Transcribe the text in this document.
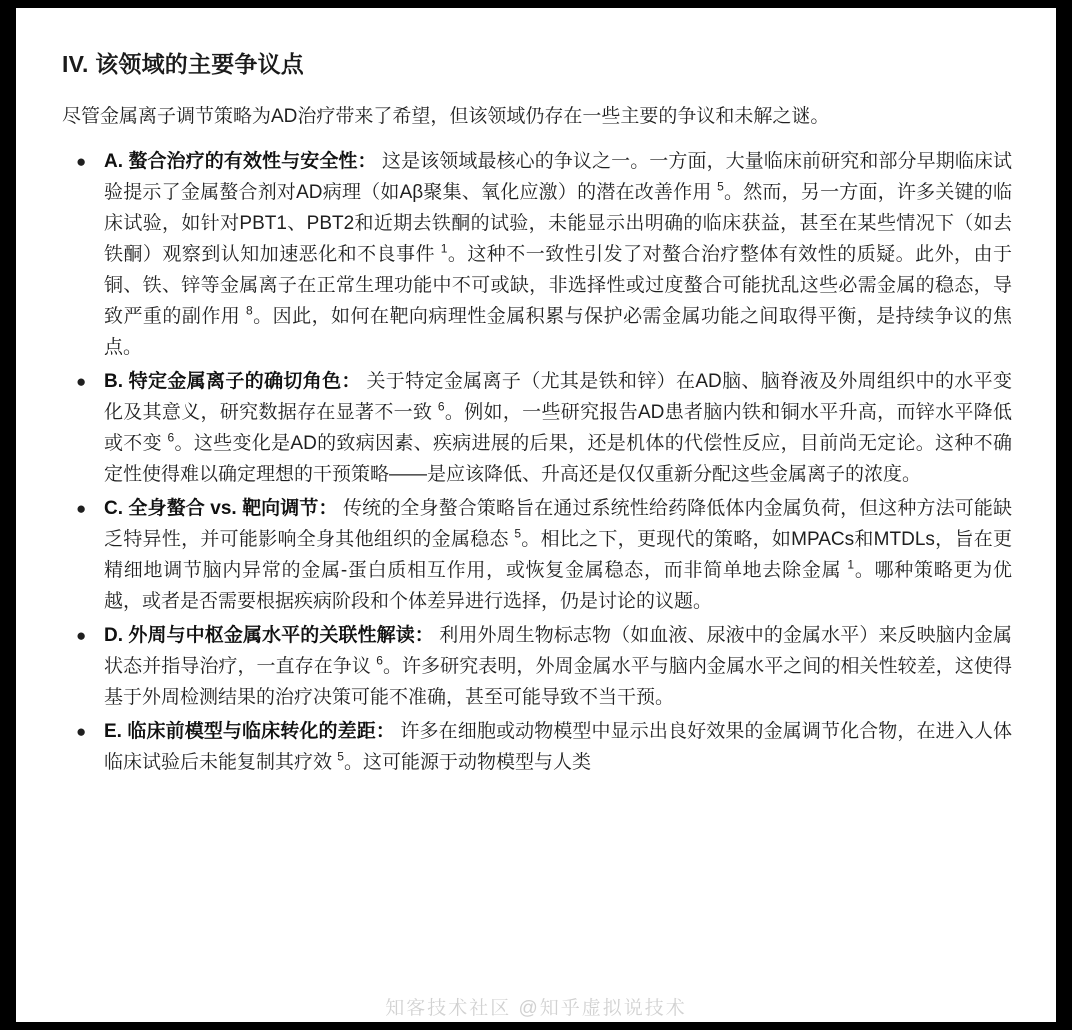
IV. 该领域的主要争议点

尽管金属离子调节策略为AD治疗带来了希望，但该领域仍存在一些主要的争议和未解之谜。

● A. 螯合治疗的有效性与安全性： 这是该领域最核心的争议之一。一方面，大量临床前研究和部分早期临床试验提示了金属螯合剂对AD病理（如Aβ聚集、氧化应激）的潜在改善作用 $^5$。然而，另一方面，许多关键的临床试验，如针对PBT1、PBT2和近期去铁酮的试验，未能显示出明确的临床获益，甚至在某些情况下（如去铁酮）观察到认知加速恶化和不良事件 $^1$。这种不一致性引发了对螯合治疗整体有效性的质疑。此外，由于铜、铁、锌等金属离子在正常生理功能中不可或缺，非选择性或过度螯合可能扰乱这些必需金属的稳态，导致严重的副作用 $^8$。因此，如何在靶向病理性金属积累与保护必需金属功能之间取得平衡，是持续争议的焦点。
● B. 特定金属离子的确切角色： 关于特定金属离子（尤其是铁和锌）在AD脑、脑脊液及外周组织中的水平变化及其意义，研究数据存在显著不一致 $^6$。例如，一些研究报告AD患者脑内铁和铜水平升高，而锌水平降低或不变 $^6$。这些变化是AD的致病因素、疾病进展的后果，还是机体的代偿性反应，目前尚无定论。这种不确定性使得难以确定理想的干预策略——是应该降低、升高还是仅仅重新分配这些金属离子的浓度。
● C. 全身螯合 vs. 靶向调节： 传统的全身螯合策略旨在通过系统性给药降低体内金属负荷，但这种方法可能缺乏特异性，并可能影响全身其他组织的金属稳态 $^5$。相比之下，更现代的策略，如MPACs和MTDLs，旨在更精细地调节脑内异常的金属-蛋白质相互作用，或恢复金属稳态，而非简单地去除金属 $^1$。哪种策略更为优越，或者是否需要根据疾病阶段和个体差异进行选择，仍是讨论的议题。
● D. 外周与中枢金属水平的关联性解读： 利用外周生物标志物（如血液、尿液中的金属水平）来反映脑内金属状态并指导治疗，一直存在争议 $^6$。许多研究表明，外周金属水平与脑内金属水平之间的相关性较差，这使得基于外周检测结果的治疗决策可能不准确，甚至可能导致不当干预。
● E. 临床前模型与临床转化的差距： 许多在细胞或动物模型中显示出良好效果的金属调节化合物，在进入人体临床试验后未能复制其疗效 $^5$。这可能源于动物模型与人类
知客技术社区 @知乎虚拟说技术
